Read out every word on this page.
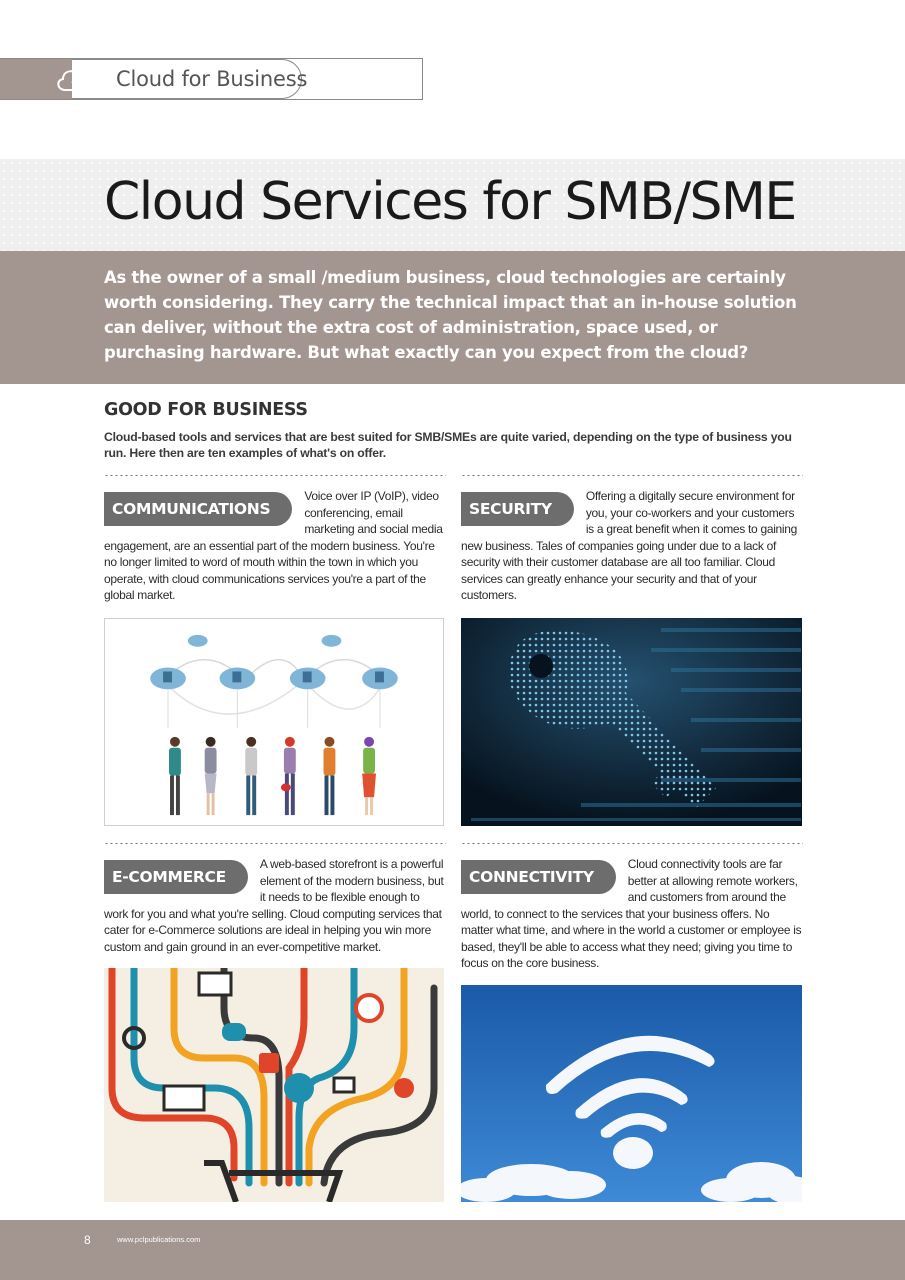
Cloud for Business
Cloud Services for SMB/SME

As the owner of a small /medium business, cloud technologies are certainly worth considering. They carry the technical impact that an in-house solution can deliver, without the extra cost of administration, space used, or purchasing hardware. But what exactly can you expect from the cloud?

GOOD FOR BUSINESS

Cloud-based tools and services that are best suited for SMB/SMEs are quite varied, depending on the type of business you run. Here then are ten examples of what's on offer.

COMMUNICATIONS

Voice over IP (VoIP), video conferencing, email marketing and social media engagement, are an essential part of the modern business. You're no longer limited to word of mouth within the town in which you operate, with cloud communications services you're a part of the global market.

SECURITY

Offering a digitally secure environment for you, your co-workers and your customers is a great benefit when it comes to gaining new business. Tales of companies going under due to a lack of security with their customer database are all too familiar. Cloud services can greatly enhance your security and that of your customers.

E-COMMERCE

A web-based storefront is a powerful element of the modern business, but it needs to be flexible enough to work for you and what you're selling. Cloud computing services that cater for e-Commerce solutions are ideal in helping you win more custom and gain ground in an ever-competitive market.

CONNECTIVITY

Cloud connectivity tools are far better at allowing remote workers, and customers from around the world, to connect to the services that your business offers. No matter what time, and where in the world a customer or employee is based, they'll be able to access what they need; giving you time to focus on the core business.

8	www.pclpublications.com
